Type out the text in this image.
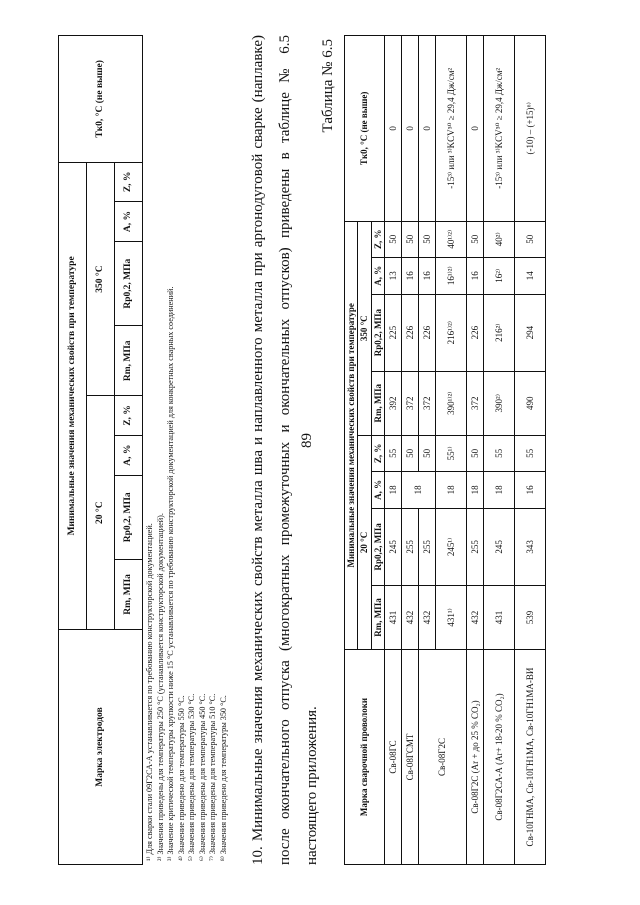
89
Марка электродов	Минимальные значения механических свойств при температуре								Tк0, °С (не выше)
	20 °С				350 °С				
	Rm, МПа	Rp0,2, МПа	A, %	Z, %	Rm, МПа	Rp0,2, МПа	A, %	Z, %	
¹⁾ Для сварки стали 09Г2СА-А устанавливается по требованию конструкторской документацией. ²⁾ Значения приведены для температуры 250 °С (устанавливается конструкторской документацией). ³⁾ Значение критической температуры хрупкости ниже 15 °С устанавливается по требованию конструкторской документацией для конкретных сварных соединений. ⁴⁾ Значение приведено для температуры 550 °С. ⁵⁾ Значения приведены для температуры 530 °С. ⁶⁾ Значения приведены для температуры 450 °С. ⁷⁾ Значения приведены для температуры 510 °С. ⁸⁾ Значения приведено для температуры 350 °С.	10. Минимальные значения механических свойств металла шва и наплавленного металла при аргонодуговой сварке (наплавке) после окончательного отпуска (многократных промежуточных и окончательных отпусков) приведены в таблице № 6.5 настоящего приложения.

Таблица № 6.5
Марка сварочной проволоки	Минимальные значения механических свойств при температуре								Tк0, °С (не выше)
	20 °С				350 °С				
	Rm, МПа	Rp0,2, МПа	A, %	Z, %	Rm, МПа	Rp0,2, МПа	A, %	Z, %	
Св-08ГС	431	245	18	55	392	225	13	50	0
Св-08ГСМТ	432	255	18	50	372	226	16	50	0
Св-08Г2С	432	255		50	372	226	16	50	0
	431¹⁾	245¹⁾	18	55¹⁾	390¹⁾²⁾	216¹⁾²⁾	16¹⁾²⁾	40¹⁾²⁾	-15³⁾ или ³⁾KCV⁵⁰ ≥ 29,4 Дж/см²
Св-08Г2С (Ar + до 25 % CO₂)	432	255	18	50	372	226	16	50	0
Св-08Г2СА-А (Ar+ 18-20 % CO₂)	431	245	18	55	390²⁾	216²⁾	16²⁾	40²⁾	-15³⁾ или ³⁾KCV⁵⁰ ≥ 29,4 Дж/см²
Св-10ГНМА, Св-10ГН1МА, Св-10ГН1МА-ВИ	539	343	16	55	490	294	14	50	(-10) – (+15)⁶⁾
